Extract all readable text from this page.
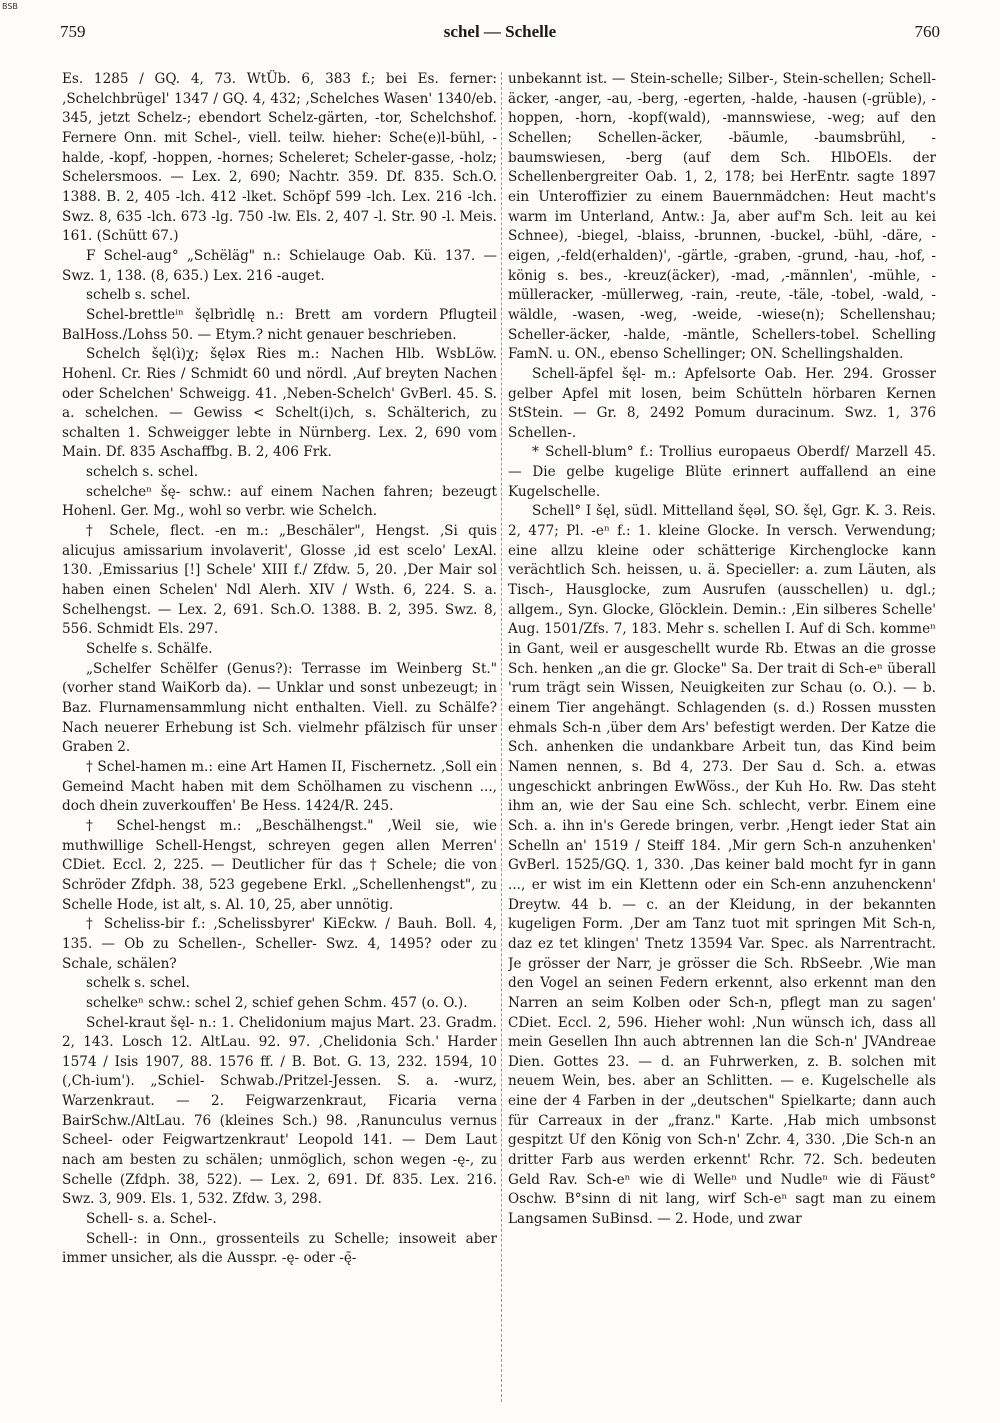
BSB
759	schel — Schelle	760

Es. 1285 / GQ. 4, 73. WtÜb. 6, 383 f.; bei Es. ferner: ‚Schelchbrügel' 1347 / GQ. 4, 432; ‚Schelches Wasen' 1340/eb. 345, jetzt Schelz-; ebendort Schelz-gärten, -tor, Schelchshof. Fernere Onn. mit Schel-, viell. teilw. hieher: Sche(e)l-bühl, -halde, -kopf, -hoppen, -hornes; Scheleret; Scheler-gasse, -holz; Schelersmoos. — Lex. 2, 690; Nachtr. 359. Df. 835. Sch.O. 1388. B. 2, 405 -lch. 412 -lket. Schöpf 599 -lch. Lex. 216 -lch. Swz. 8, 635 -lch. 673 -lg. 750 -lw. Els. 2, 407 -l. Str. 90 -l. Meis. 161. (Schütt 67.)

F Schel-aug° „Schëläg" n.: Schielauge Oab. Kü. 137. — Swz. 1, 138. (8, 635.) Lex. 216 -auget.

schelb s. schel.

Schel-brettleⁱⁿ šęlbrìdlę n.: Brett am vordern Pflugteil BalHoss./Lohss 50. — Etym.? nicht genauer beschrieben.

Schelch šęl(ì)χ; šęlǝx Ries m.: Nachen Hlb. WsbLöw. Hohenl. Cr. Ries / Schmidt 60 und nördl. ‚Auf breyten Nachen oder Schelchen' Schweigg. 41. ‚Neben-Schelch' GvBerl. 45. S. a. schelchen. — Gewiss < Schelt(i)ch, s. Schälterich, zu schalten 1. Schweigger lebte in Nürnberg. Lex. 2, 690 vom Main. Df. 835 Aschaffbg. B. 2, 406 Frk.

schelch s. schel.

schelcheⁿ šę- schw.: auf einem Nachen fahren; bezeugt Hohenl. Ger. Mg., wohl so verbr. wie Schelch.

† Schele, flect. -en m.: „Beschäler", Hengst. ‚Si quis alicujus amissarium involaverit', Glosse ‚id est scelo' LexAl. 130. ‚Emissarius [!] Schele' XIII f./ Zfdw. 5, 20. ‚Der Mair sol haben einen Schelen' Ndl Alerh. XIV / Wsth. 6, 224. S. a. Schelhengst. — Lex. 2, 691. Sch.O. 1388. B. 2, 395. Swz. 8, 556. Schmidt Els. 297.

Schelfe s. Schälfe.

„Schelfer Schëlfer (Genus?): Terrasse im Weinberg St." (vorher stand WaiKorb da). — Unklar und sonst unbezeugt; in Baz. Flurnamensammlung nicht enthalten. Viell. zu Schälfe? Nach neuerer Erhebung ist Sch. vielmehr pfälzisch für unser Graben 2.

† Schel-hamen m.: eine Art Hamen II, Fischernetz. ‚Soll ein Gemeind Macht haben mit dem Schölhamen zu vischenn ..., doch dhein zuverkouffen' Be Hess. 1424/R. 245.

† Schel-hengst m.: „Beschälhengst." ‚Weil sie, wie muthwillige Schell-Hengst, schreyen gegen allen Merren' CDiet. Eccl. 2, 225. — Deutlicher für das † Schele; die von Schröder Zfdph. 38, 523 gegebene Erkl. „Schellenhengst", zu Schelle Hode, ist alt, s. Al. 10, 25, aber unnötig.

† Scheliss-bir f.: ‚Schelissbyrer' KiEckw. / Bauh. Boll. 4, 135. — Ob zu Schellen-, Scheller- Swz. 4, 1495? oder zu Schale, schälen?

schelk s. schel.

schelkeⁿ schw.: schel 2, schief gehen Schm. 457 (o. O.).

Schel-kraut šęl- n.: 1. Chelidonium majus Mart. 23. Gradm. 2, 143. Losch 12. AltLau. 92. 97. ‚Chelidonia Sch.' Harder 1574 / Isis 1907, 88. 1576 ff. / B. Bot. G. 13, 232. 1594, 10 (‚Ch-ium'). „Schiel- Schwab./Pritzel-Jessen. S. a. -wurz, Warzenkraut. — 2. Feigwarzenkraut, Ficaria verna BairSchw./AltLau. 76 (kleines Sch.) 98. ‚Ranunculus vernus Scheel- oder Feigwartzenkraut' Leopold 141. — Dem Laut nach am besten zu schälen; unmöglich, schon wegen -ę-, zu Schelle (Zfdph. 38, 522). — Lex. 2, 691. Df. 835. Lex. 216. Swz. 3, 909. Els. 1, 532. Zfdw. 3, 298.

Schell- s. a. Schel-.

Schell-: in Onn., grossenteils zu Schelle; insoweit aber immer unsicher, als die Ausspr. -ę- oder -ę̄-

unbekannt ist. — Stein-schelle; Silber-, Stein-schellen; Schell-äcker, -anger, -au, -berg, -egerten, -halde, -hausen (-grüble), -hoppen, -horn, -kopf(wald), -mannswiese, -weg; auf den Schellen; Schellen-äcker, -bäumle, -baumsbrühl, -baumswiesen, -berg (auf dem Sch. HlbOEls. der Schellenbergreiter Oab. 1, 2, 178; bei HerEntr. sagte 1897 ein Unteroffizier zu einem Bauernmädchen: Heut macht's warm im Unterland, Antw.: Ja, aber auf'm Sch. leit au kei Schnee), -biegel, -blaiss, -brunnen, -buckel, -bühl, -däre, -eigen, ‚-feld(erhalden)', -gärtle, -graben, -grund, -hau, -hof, -könig s. bes., -kreuz(äcker), -mad, ‚-männlen', -mühle, -mülleracker, -müllerweg, -rain, -reute, -täle, -tobel, -wald, -wäldle, -wasen, -weg, -weide, -wiese(n); Schellenshau; Scheller-äcker, -halde, -mäntle, Schellers-tobel. Schelling FamN. u. ON., ebenso Schellinger; ON. Schellingshalden.

Schell-äpfel šęl- m.: Apfelsorte Oab. Her. 294. Grosser gelber Apfel mit losen, beim Schütteln hörbaren Kernen StStein. — Gr. 8, 2492 Pomum duracinum. Swz. 1, 376 Schellen-.

* Schell-blum° f.: Trollius europaeus Oberdf/ Marzell 45. — Die gelbe kugelige Blüte erinnert auffallend an eine Kugelschelle.

Schell° I šęl, südl. Mittelland šęǝl, SO. šęl, Ggr. K. 3. Reis. 2, 477; Pl. -eⁿ f.: 1. kleine Glocke. In versch. Verwendung; eine allzu kleine oder schätterige Kirchenglocke kann verächtlich Sch. heissen, u. ä. Specieller: a. zum Läuten, als Tisch-, Hausglocke, zum Ausrufen (ausschellen) u. dgl.; allgem., Syn. Glocke, Glöcklein. Demin.: ‚Ein silberes Schelle' Aug. 1501/Zfs. 7, 183. Mehr s. schellen I. Auf di Sch. kommeⁿ in Gant, weil er ausgeschellt wurde Rb. Etwas an die grosse Sch. henken „an die gr. Glocke" Sa. Der trait di Sch-eⁿ überall 'rum trägt sein Wissen, Neuigkeiten zur Schau (o. O.). — b. einem Tier angehängt. Schlagenden (s. d.) Rossen mussten ehmals Sch-n ‚über dem Ars' befestigt werden. Der Katze die Sch. anhenken die undankbare Arbeit tun, das Kind beim Namen nennen, s. Bd 4, 273. Der Sau d. Sch. a. etwas ungeschickt anbringen EwWöss., der Kuh Ho. Rw. Das steht ihm an, wie der Sau eine Sch. schlecht, verbr. Einem eine Sch. a. ihn in's Gerede bringen, verbr. ‚Hengt ieder Stat ain Schelln an' 1519 / Steiff 184. ‚Mir gern Sch-n anzuhenken' GvBerl. 1525/GQ. 1, 330. ‚Das keiner bald mocht fyr in gann ..., er wist im ein Klettenn oder ein Sch-enn anzuhenckenn' Dreytw. 44 b. — c. an der Kleidung, in der bekannten kugeligen Form. ‚Der am Tanz tuot mit springen Mit Sch-n, daz ez tet klingen' Tnetz 13594 Var. Spec. als Narrentracht. Je grösser der Narr, je grösser die Sch. RbSeebr. ‚Wie man den Vogel an seinen Federn erkennt, also erkennt man den Narren an seim Kolben oder Sch-n, pflegt man zu sagen' CDiet. Eccl. 2, 596. Hieher wohl: ‚Nun wünsch ich, dass all mein Gesellen Ihn auch abtrennen lan die Sch-n' JVAndreae Dien. Gottes 23. — d. an Fuhrwerken, z. B. solchen mit neuem Wein, bes. aber an Schlitten. — e. Kugelschelle als eine der 4 Farben in der „deutschen" Spielkarte; dann auch für Carreaux in der „franz." Karte. ‚Hab mich umbsonst gespitzt Uf den König von Sch-n' Zchr. 4, 330. ‚Die Sch-n an dritter Farb aus werden erkennt' Rchr. 72. Sch. bedeuten Geld Rav. Sch-eⁿ wie di Welleⁿ und Nudleⁿ wie di Fäust° Oschw. B°sinn di nit lang, wirf Sch-eⁿ sagt man zu einem Langsamen SuBinsd. — 2. Hode, und zwar
